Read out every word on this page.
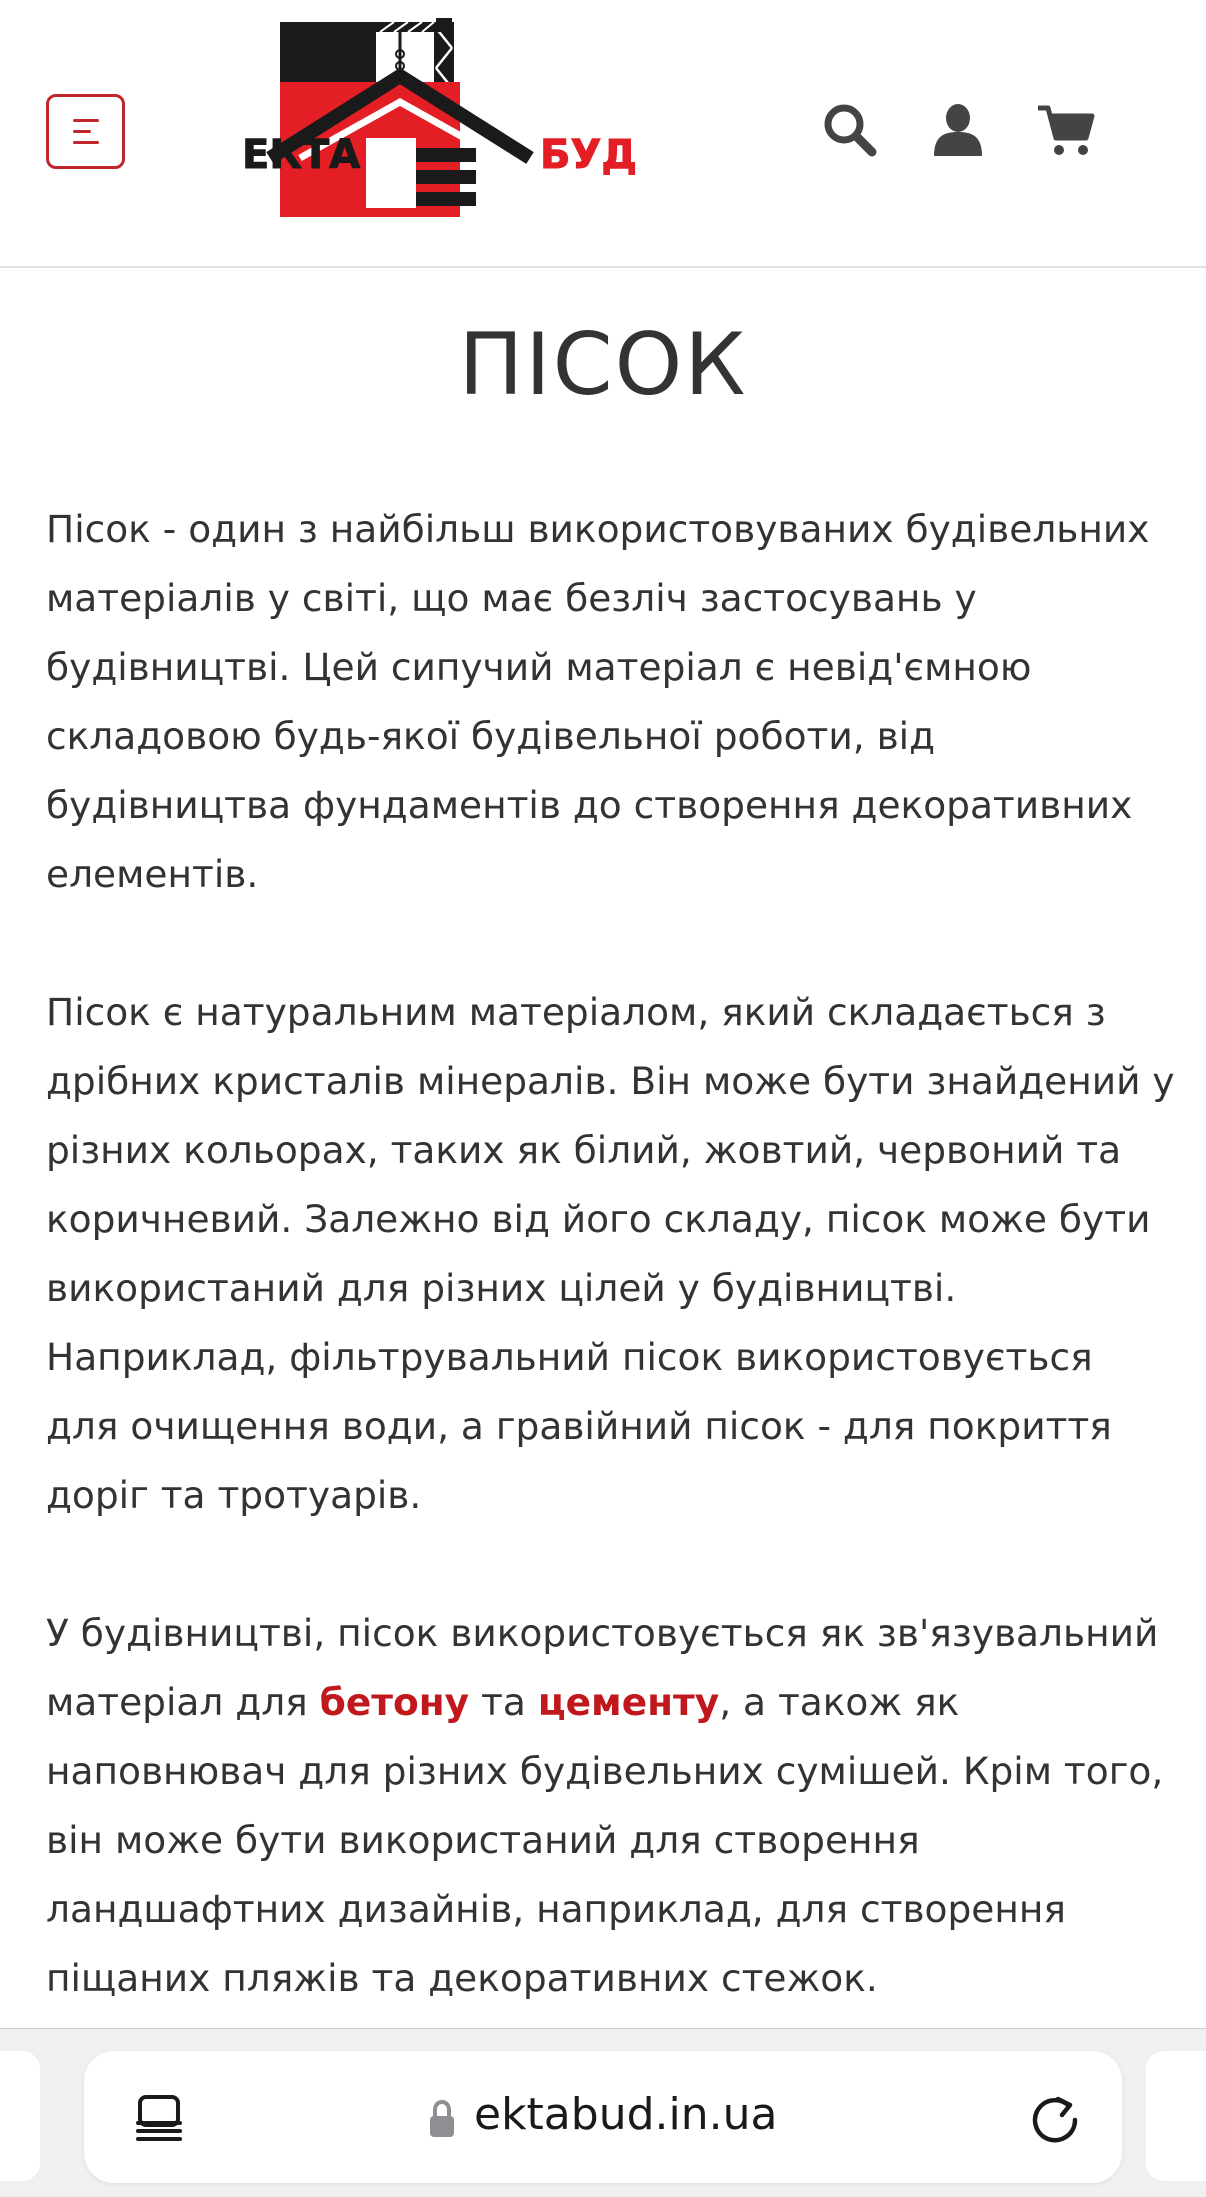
ЕКТА	БУД
ПІСОК

Пісок - один з найбільш використовуваних будівельних матеріалів у світі, що має безліч застосувань у будівництві. Цей сипучий матеріал є невід'ємною складовою будь-якої будівельної роботи, від будівництва фундаментів до створення декоративних елементів.

Пісок є натуральним матеріалом, який складається з дрібних кристалів мінералів. Він може бути знайдений у різних кольорах, таких як білий, жовтий, червоний та коричневий. Залежно від його складу, пісок може бути використаний для різних цілей у будівництві. Наприклад, фільтрувальний пісок використовується для очищення води, а гравійний пісок - для покриття доріг та тротуарів.

У будівництві, пісок використовується як зв'язувальний матеріал для бетону та цементу, а також як наповнювач для різних будівельних сумішей. Крім того, він може бути використаний для створення ландшафтних дизайнів, наприклад, для створення піщаних пляжів та декоративних стежок.

ektabud.in.ua
